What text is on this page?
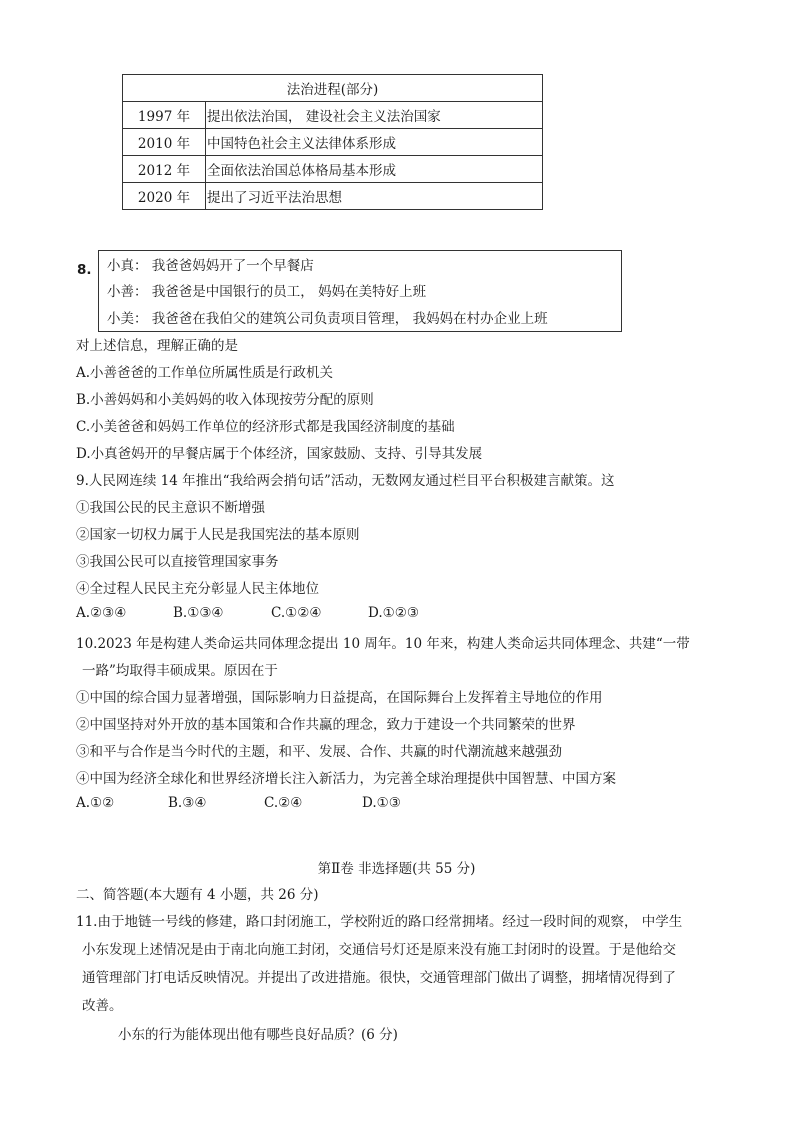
法治进程(部分)	
1997 年	提出依法治国， 建设社会主义法治国家
2010 年	中国特色社会主义法律体系形成
2012 年	全面依法治国总体格局基本形成
2020 年	提出了习近平法治思想
8. 小真： 我爸爸妈妈开了一个早餐店
小善： 我爸爸是中国银行的员工， 妈妈在美特好上班
小美： 我爸爸在我伯父的建筑公司负责项目管理， 我妈妈在村办企业上班
对上述信息，理解正确的是
A.小善爸爸的工作单位所属性质是行政机关
B.小善妈妈和小美妈妈的收入体现按劳分配的原则
C.小美爸爸和妈妈工作单位的经济形式都是我国经济制度的基础
D.小真爸妈开的早餐店属于个体经济，国家鼓励、支持、引导其发展
9.人民网连续 14 年推出“我给两会捎句话”活动，无数网友通过栏目平台积极建言献策。这
①我国公民的民主意识不断增强
②国家一切权力属于人民是我国宪法的基本原则
③我国公民可以直接管理国家事务
④全过程人民民主充分彰显人民主体地位
A.②③④	B.①③④	C.①②④	D.①②③
10.2023 年是构建人类命运共同体理念提出 10 周年。10 年来，构建人类命运共同体理念、共建“一带
一路”均取得丰硕成果。原因在于
①中国的综合国力显著增强，国际影响力日益提高，在国际舞台上发挥着主导地位的作用
②中国坚持对外开放的基本国策和合作共赢的理念，致力于建设一个共同繁荣的世界
③和平与合作是当今时代的主题，和平、发展、合作、共赢的时代潮流越来越强劲
④中国为经济全球化和世界经济增长注入新活力，为完善全球治理提供中国智慧、中国方案
A.①②	B.③④	C.②④	D.①③
第Ⅱ卷 非选择题(共 55 分)
二、简答题(本大题有 4 小题，共 26 分)
11.由于地链一号线的修建，路口封闭施工，学校附近的路口经常拥堵。经过一段时间的观察， 中学生
小东发现上述情况是由于南北向施工封闭，交通信号灯还是原来没有施工封闭时的设置。于是他给交
通管理部门打电话反映情况。并提出了改进措施。很快，交通管理部门做出了调整，拥堵情况得到了
改善。
小东的行为能体现出他有哪些良好品质？(6 分)
